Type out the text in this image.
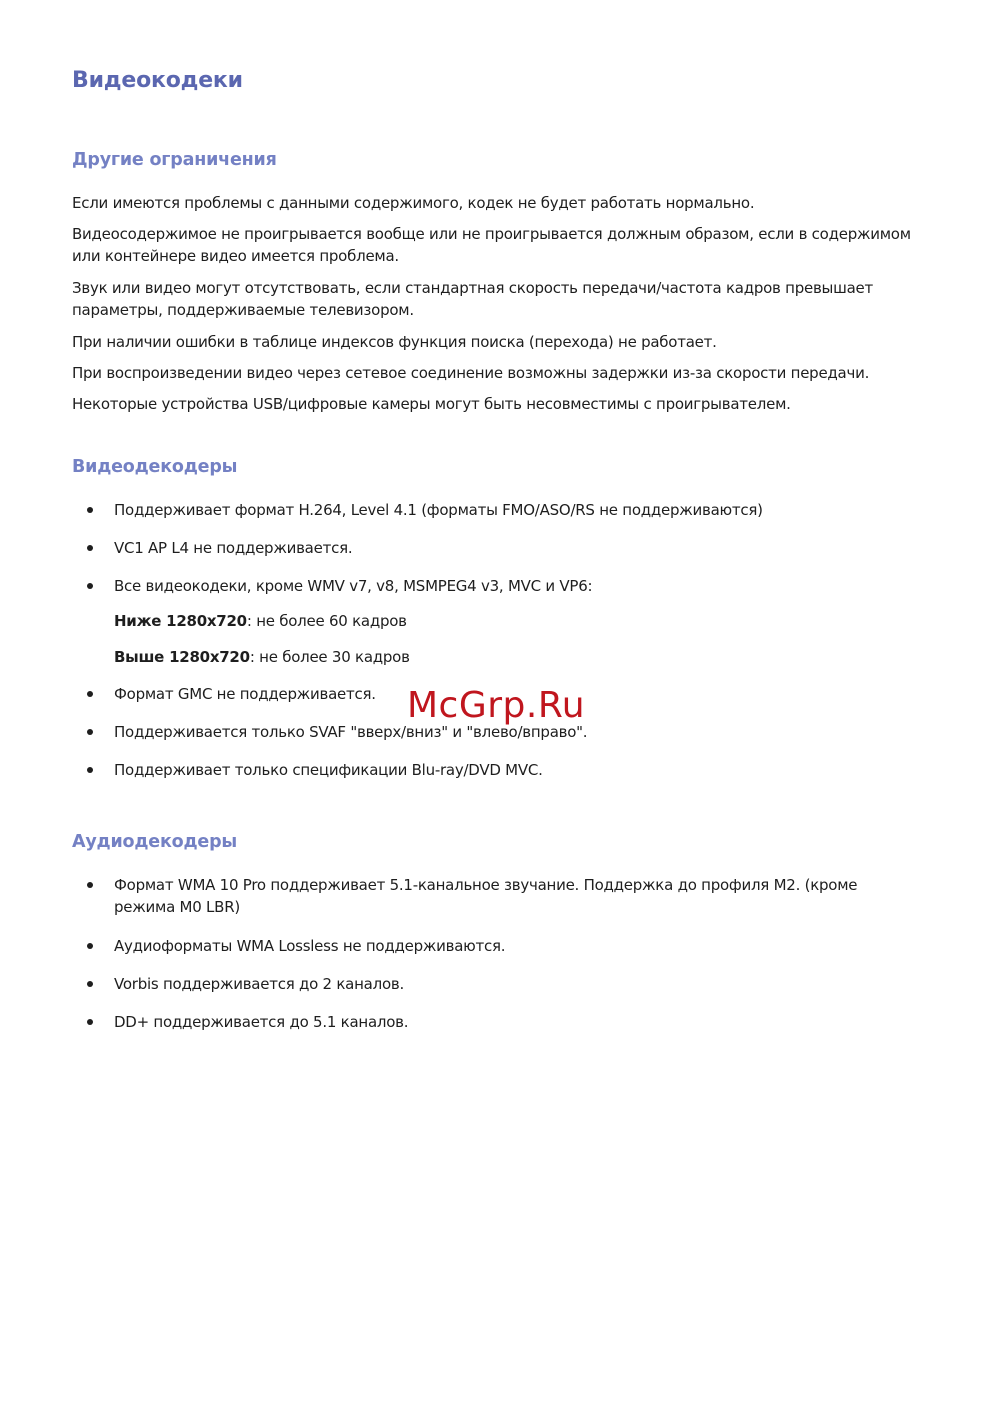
Видеокодеки
Другие ограничения

Если имеются проблемы с данными содержимого, кодек не будет работать нормально.

Видеосодержимое не проигрывается вообще или не проигрывается должным образом, если в содержимом или контейнере видео имеется проблема.

Звук или видео могут отсутствовать, если стандартная скорость передачи/частота кадров превышает параметры, поддерживаемые телевизором.

При наличии ошибки в таблице индексов функция поиска (перехода) не работает.

При воспроизведении видео через сетевое соединение возможны задержки из-за скорости передачи.

Некоторые устройства USB/цифровые камеры могут быть несовместимы с проигрывателем.

Видеодекодеры
Поддерживает формат H.264, Level 4.1 (форматы FMO/ASO/RS не поддерживаются)
VC1 AP L4 не поддерживается.
Все видеокодеки, кроме WMV v7, v8, MSMPEG4 v3, MVC и VP6:
Ниже 1280x720: не более 60 кадров
Выше 1280x720: не более 30 кадров
Формат GMC не поддерживается.
Поддерживается только SVAF "вверх/вниз" и "влево/вправо".
Поддерживает только спецификации Blu-ray/DVD MVC.
Аудиодекодеры
Формат WMA 10 Pro поддерживает 5.1-канальное звучание. Поддержка до профиля M2. (кроме режима M0 LBR)
Аудиоформаты WMA Lossless не поддерживаются.
Vorbis поддерживается до 2 каналов.
DD+ поддерживается до 5.1 каналов.
McGrp.Ru
